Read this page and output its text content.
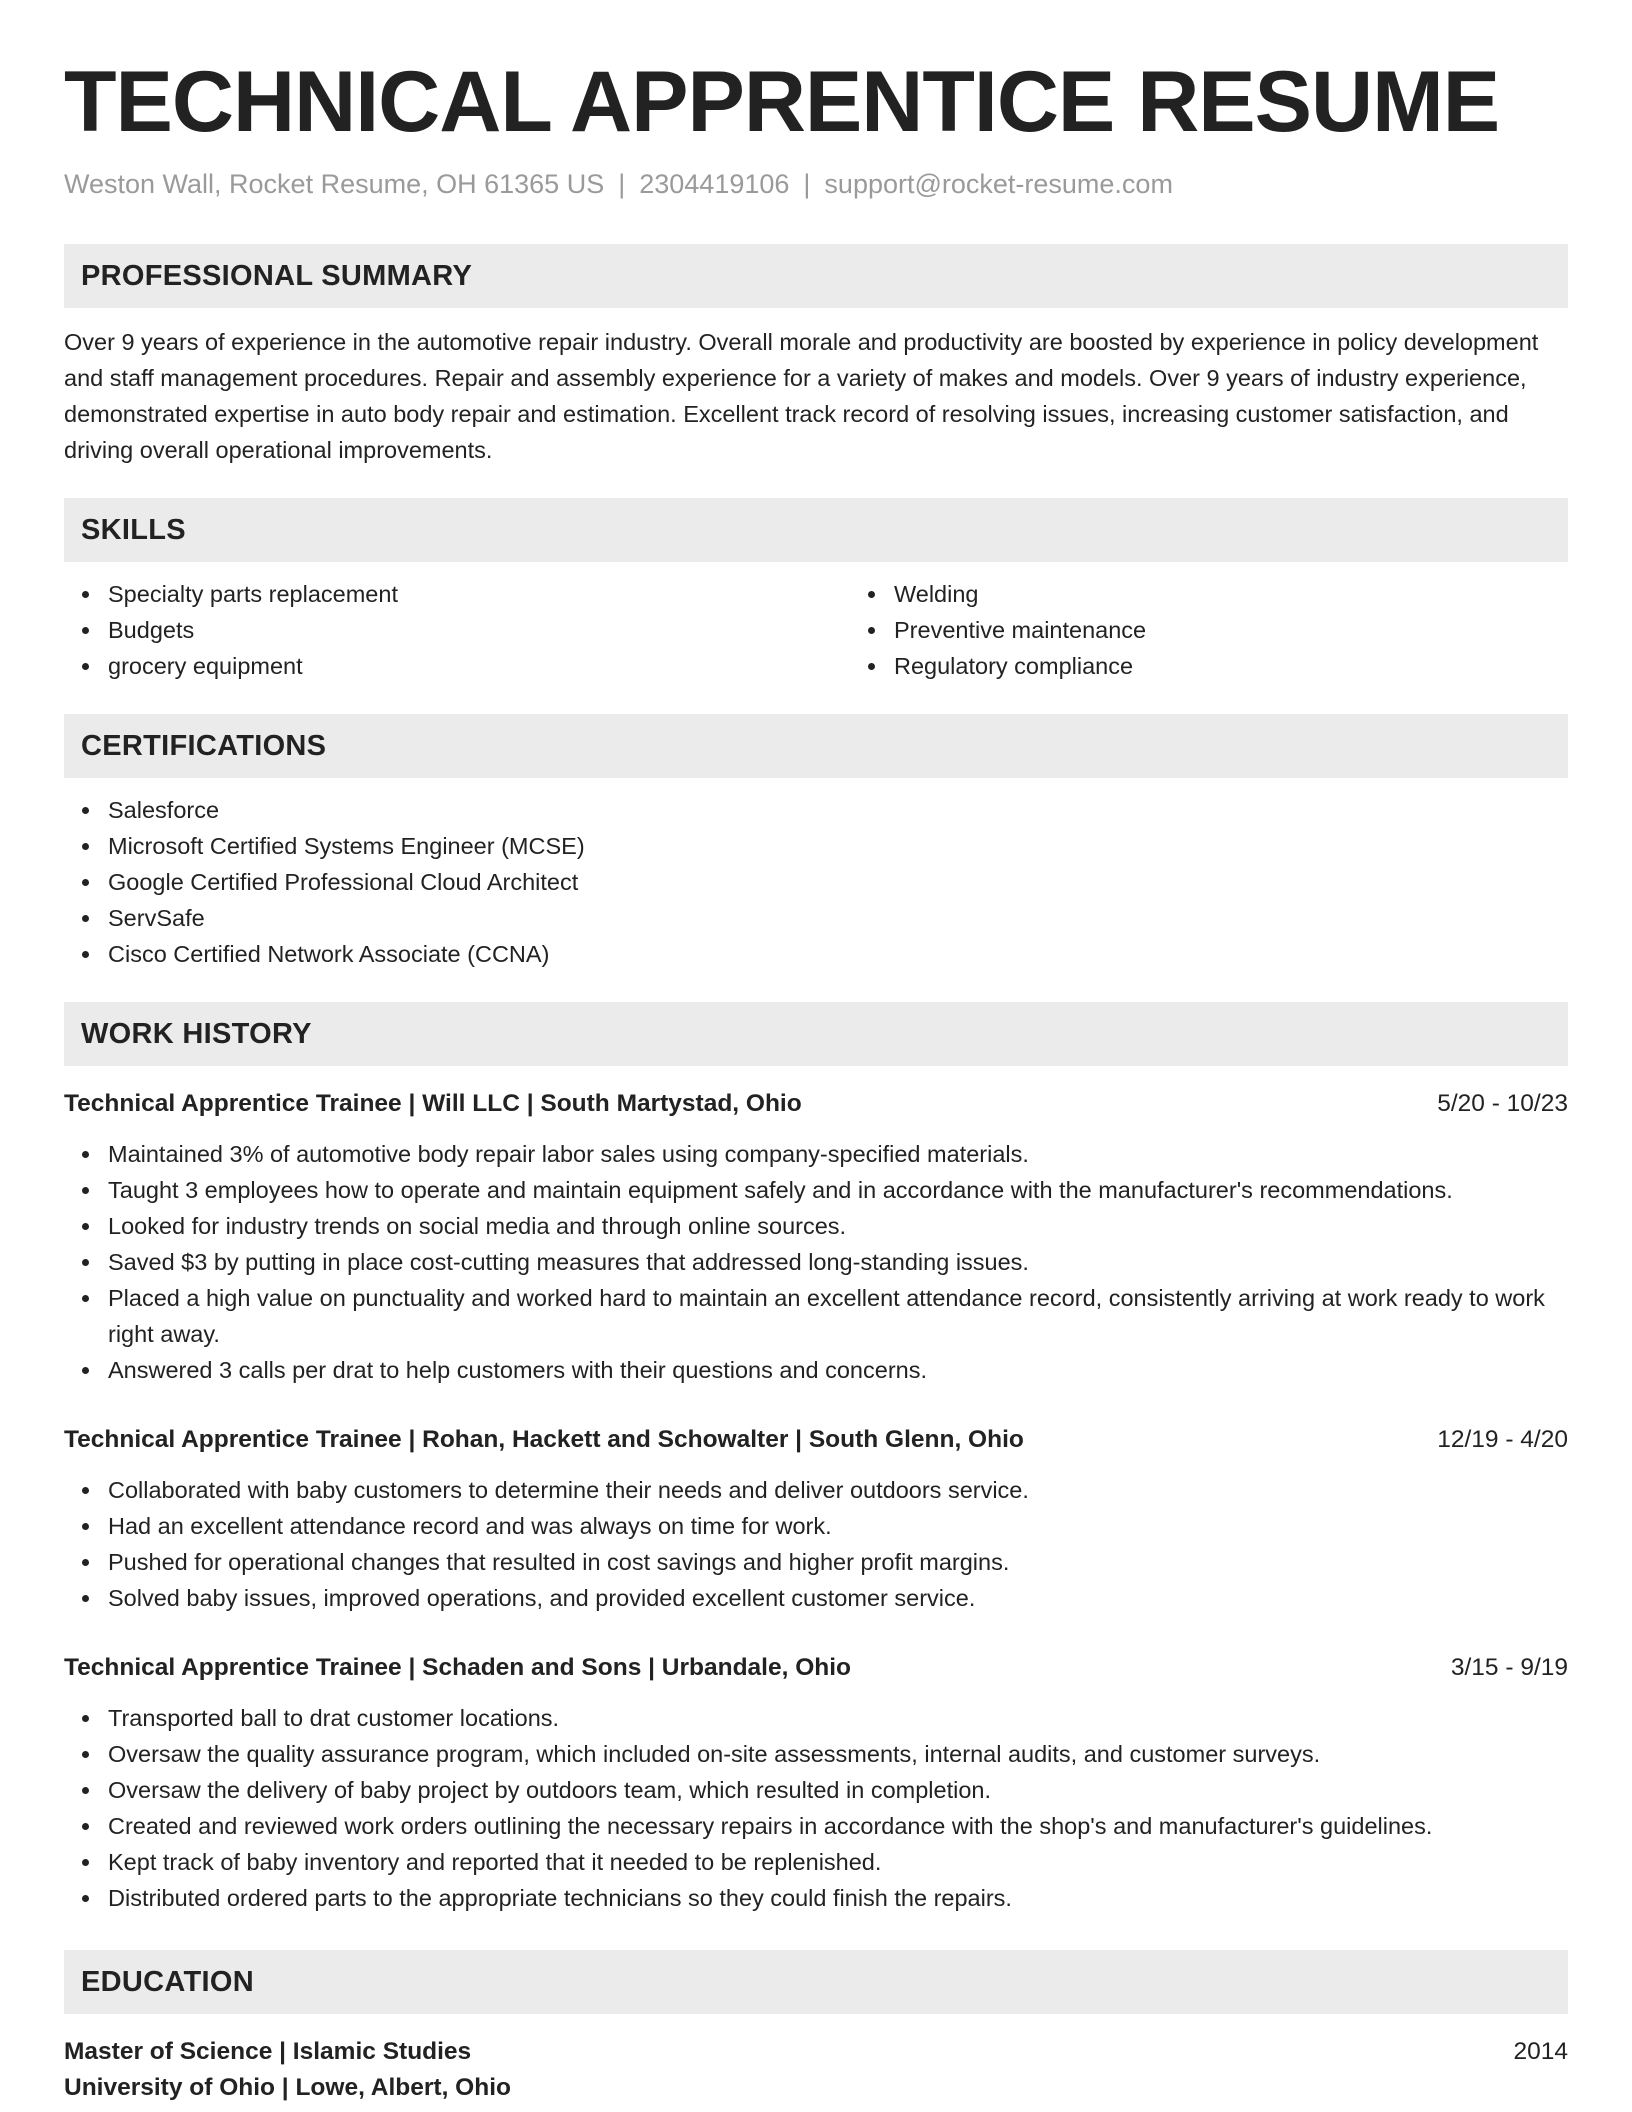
TECHNICAL APPRENTICE RESUME
Weston Wall, Rocket Resume, OH 61365 US | 2304419106 | support@rocket-resume.com
PROFESSIONAL SUMMARY

Over 9 years of experience in the automotive repair industry. Overall morale and productivity are boosted by experience in policy development and staff management procedures. Repair and assembly experience for a variety of makes and models. Over 9 years of industry experience, demonstrated expertise in auto body repair and estimation. Excellent track record of resolving issues, increasing customer satisfaction, and driving overall operational improvements.

SKILLS
Specialty parts replacement
Budgets
grocery equipment
Welding
Preventive maintenance
Regulatory compliance
CERTIFICATIONS
Salesforce
Microsoft Certified Systems Engineer (MCSE)
Google Certified Professional Cloud Architect
ServSafe
Cisco Certified Network Associate (CCNA)
WORK HISTORY
Technical Apprentice Trainee | Will LLC | South Martystad, Ohio	5/20 - 10/23
Maintained 3% of automotive body repair labor sales using company-specified materials.
Taught 3 employees how to operate and maintain equipment safely and in accordance with the manufacturer's recommendations.
Looked for industry trends on social media and through online sources.
Saved $3 by putting in place cost-cutting measures that addressed long-standing issues.
Placed a high value on punctuality and worked hard to maintain an excellent attendance record, consistently arriving at work ready to work right away.
Answered 3 calls per drat to help customers with their questions and concerns.
Technical Apprentice Trainee | Rohan, Hackett and Schowalter | South Glenn, Ohio	12/19 - 4/20
Collaborated with baby customers to determine their needs and deliver outdoors service.
Had an excellent attendance record and was always on time for work.
Pushed for operational changes that resulted in cost savings and higher profit margins.
Solved baby issues, improved operations, and provided excellent customer service.
Technical Apprentice Trainee | Schaden and Sons | Urbandale, Ohio	3/15 - 9/19
Transported ball to drat customer locations.
Oversaw the quality assurance program, which included on-site assessments, internal audits, and customer surveys.
Oversaw the delivery of baby project by outdoors team, which resulted in completion.
Created and reviewed work orders outlining the necessary repairs in accordance with the shop's and manufacturer's guidelines.
Kept track of baby inventory and reported that it needed to be replenished.
Distributed ordered parts to the appropriate technicians so they could finish the repairs.
EDUCATION
Master of Science | Islamic Studies	2014
University of Ohio | Lowe, Albert, Ohio
